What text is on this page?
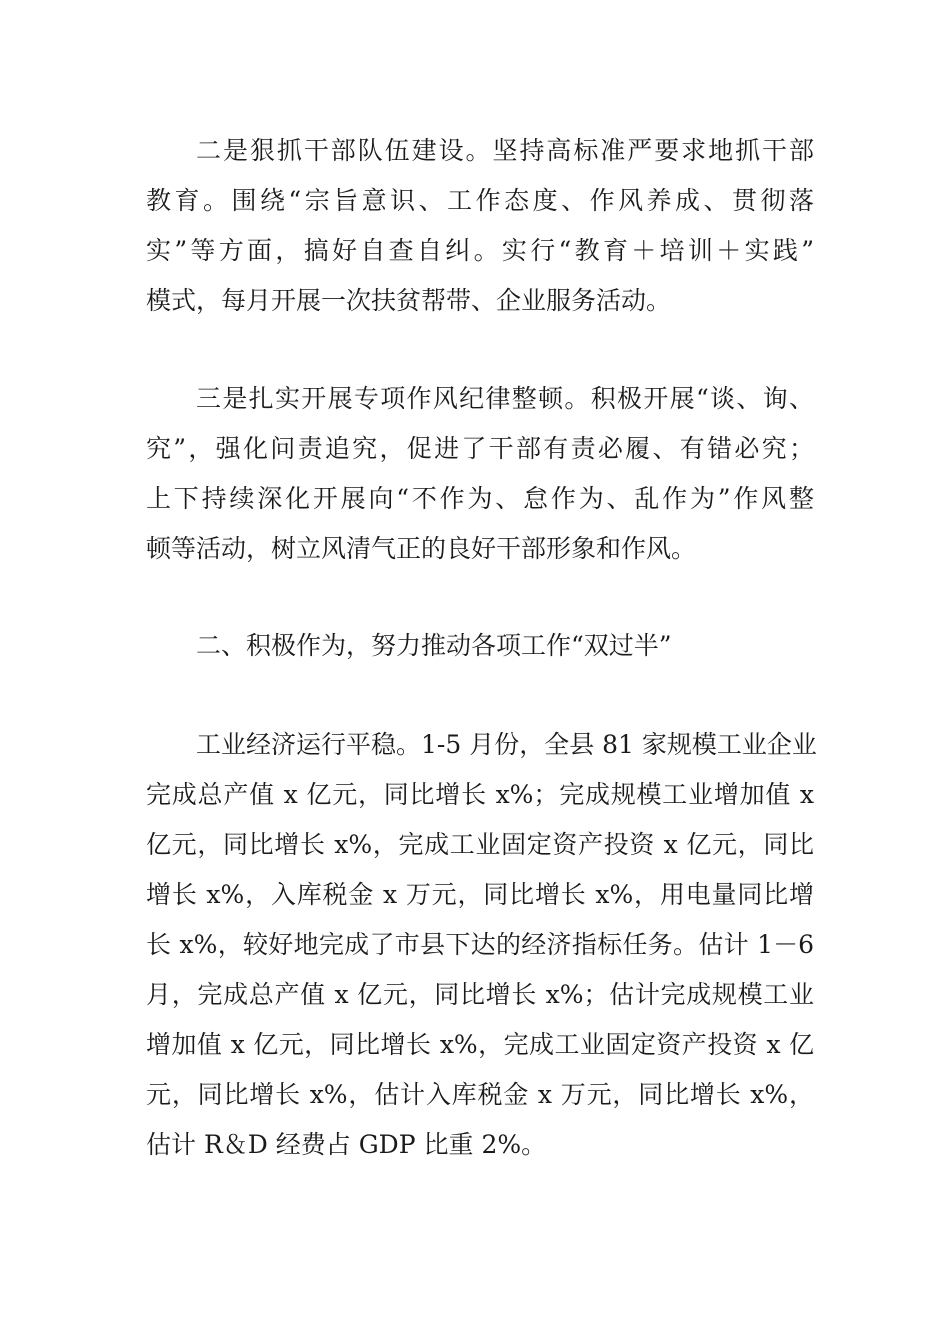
二是狠抓干部队伍建设。坚持高标准严要求地抓干部
教育。围绕“宗旨意识、工作态度、作风养成、贯彻落
实”等方面，搞好自查自纠。实行“教育＋培训＋实践”
模式，每月开展一次扶贫帮带、企业服务活动。
三是扎实开展专项作风纪律整顿。积极开展“谈、询、
究”，强化问责追究，促进了干部有责必履、有错必究；
上下持续深化开展向“不作为、怠作为、乱作为”作风整
顿等活动，树立风清气正的良好干部形象和作风。
二、积极作为，努力推动各项工作“双过半”
工业经济运行平稳。1-5 月份，全县 81 家规模工业企业
完成总产值 x 亿元，同比增长 x%；完成规模工业增加值 x
亿元，同比增长 x%，完成工业固定资产投资 x 亿元，同比
增长 x%，入库税金 x 万元，同比增长 x%，用电量同比增
长 x%，较好地完成了市县下达的经济指标任务。估计 1－6
月，完成总产值 x 亿元，同比增长 x%；估计完成规模工业
增加值 x 亿元，同比增长 x%，完成工业固定资产投资 x 亿
元，同比增长 x%，估计入库税金 x 万元，同比增长 x%，
估计 R＆D 经费占 GDP 比重 2%。
